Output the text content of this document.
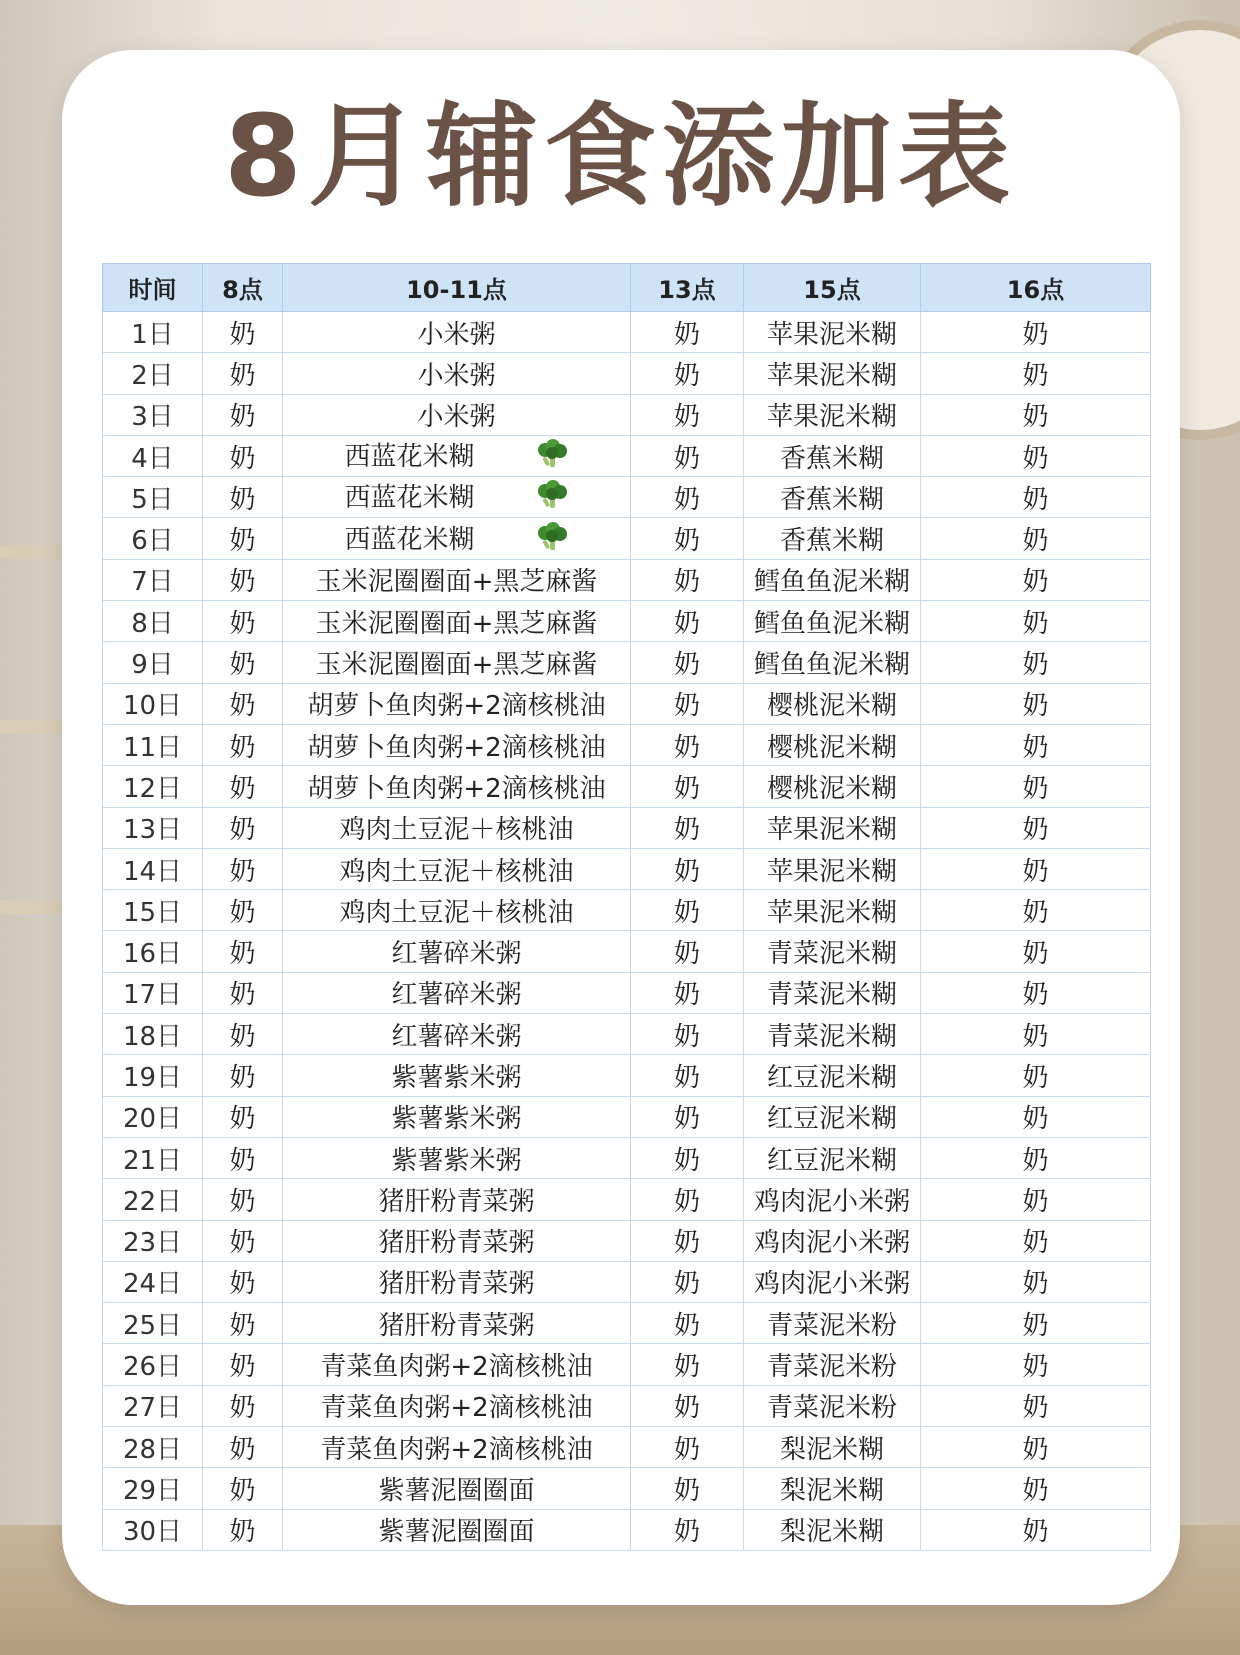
8月辅食添加表
时间	8点	10-11点	13点	15点	16点
1日	奶	小米粥	奶	苹果泥米糊	奶
2日	奶	小米粥	奶	苹果泥米糊	奶
3日	奶	小米粥	奶	苹果泥米糊	奶
4日	奶	西蓝花米糊	奶	香蕉米糊	奶
5日	奶	西蓝花米糊	奶	香蕉米糊	奶
6日	奶	西蓝花米糊	奶	香蕉米糊	奶
7日	奶	玉米泥圈圈面+黑芝麻酱	奶	鳕鱼鱼泥米糊	奶
8日	奶	玉米泥圈圈面+黑芝麻酱	奶	鳕鱼鱼泥米糊	奶
9日	奶	玉米泥圈圈面+黑芝麻酱	奶	鳕鱼鱼泥米糊	奶
10日	奶	胡萝卜鱼肉粥+2滴核桃油	奶	樱桃泥米糊	奶
11日	奶	胡萝卜鱼肉粥+2滴核桃油	奶	樱桃泥米糊	奶
12日	奶	胡萝卜鱼肉粥+2滴核桃油	奶	樱桃泥米糊	奶
13日	奶	鸡肉土豆泥＋核桃油	奶	苹果泥米糊	奶
14日	奶	鸡肉土豆泥＋核桃油	奶	苹果泥米糊	奶
15日	奶	鸡肉土豆泥＋核桃油	奶	苹果泥米糊	奶
16日	奶	红薯碎米粥	奶	青菜泥米糊	奶
17日	奶	红薯碎米粥	奶	青菜泥米糊	奶
18日	奶	红薯碎米粥	奶	青菜泥米糊	奶
19日	奶	紫薯紫米粥	奶	红豆泥米糊	奶
20日	奶	紫薯紫米粥	奶	红豆泥米糊	奶
21日	奶	紫薯紫米粥	奶	红豆泥米糊	奶
22日	奶	猪肝粉青菜粥	奶	鸡肉泥小米粥	奶
23日	奶	猪肝粉青菜粥	奶	鸡肉泥小米粥	奶
24日	奶	猪肝粉青菜粥	奶	鸡肉泥小米粥	奶
25日	奶	猪肝粉青菜粥	奶	青菜泥米粉	奶
26日	奶	青菜鱼肉粥+2滴核桃油	奶	青菜泥米粉	奶
27日	奶	青菜鱼肉粥+2滴核桃油	奶	青菜泥米粉	奶
28日	奶	青菜鱼肉粥+2滴核桃油	奶	梨泥米糊	奶
29日	奶	紫薯泥圈圈面	奶	梨泥米糊	奶
30日	奶	紫薯泥圈圈面	奶	梨泥米糊	奶
